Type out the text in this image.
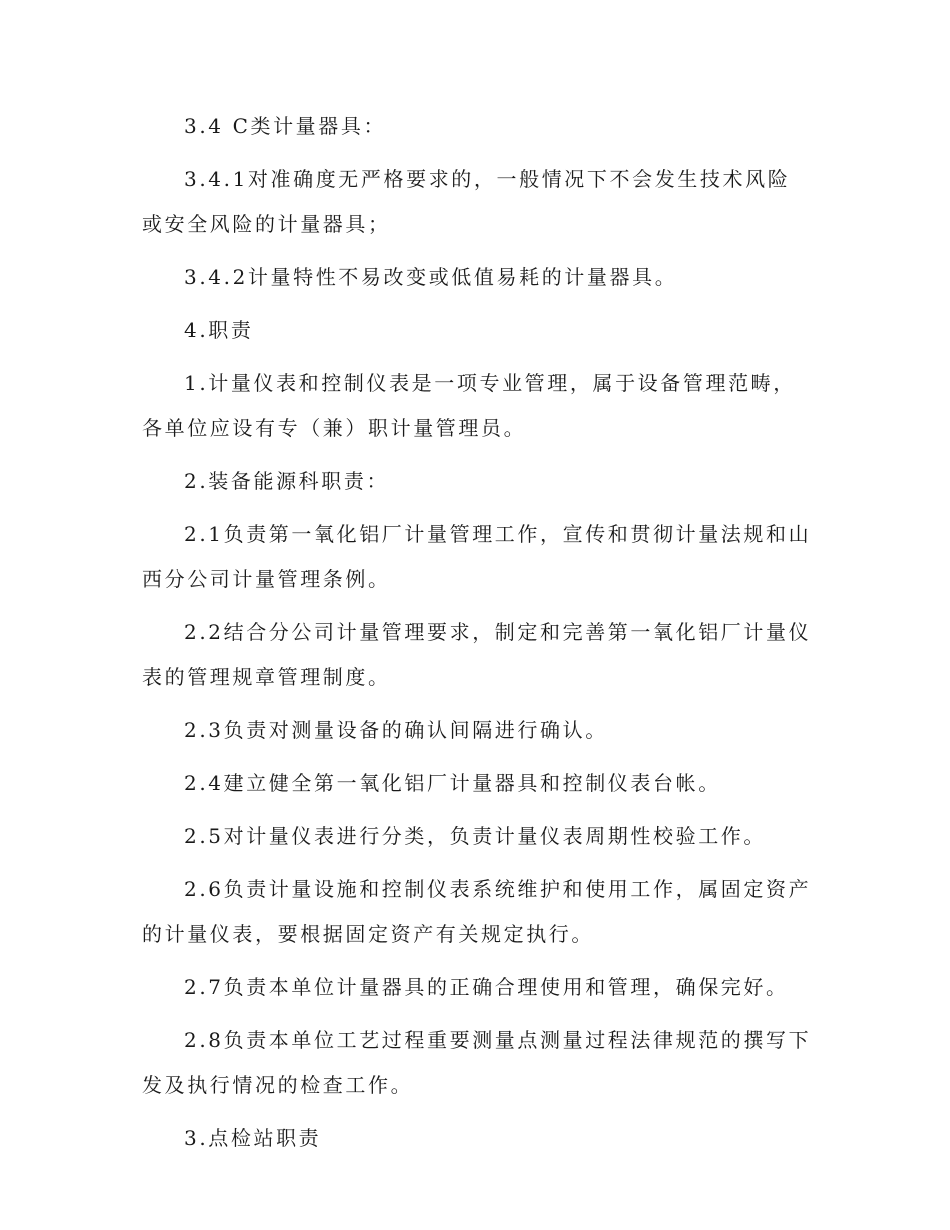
3.4 C类计量器具：

3.4.1对准确度无严格要求的，一般情况下不会发生技术风险或安全风险的计量器具；

3.4.2计量特性不易改变或低值易耗的计量器具。

4.职责

1.计量仪表和控制仪表是一项专业管理，属于设备管理范畴，各单位应设有专（兼）职计量管理员。

2.装备能源科职责：

2.1负责第一氧化铝厂计量管理工作，宣传和贯彻计量法规和山西分公司计量管理条例。

2.2结合分公司计量管理要求，制定和完善第一氧化铝厂计量仪表的管理规章管理制度。

2.3负责对测量设备的确认间隔进行确认。

2.4建立健全第一氧化铝厂计量器具和控制仪表台帐。

2.5对计量仪表进行分类，负责计量仪表周期性校验工作。

2.6负责计量设施和控制仪表系统维护和使用工作，属固定资产的计量仪表，要根据固定资产有关规定执行。

2.7负责本单位计量器具的正确合理使用和管理，确保完好。

2.8负责本单位工艺过程重要测量点测量过程法律规范的撰写下发及执行情况的检查工作。

3.点检站职责
